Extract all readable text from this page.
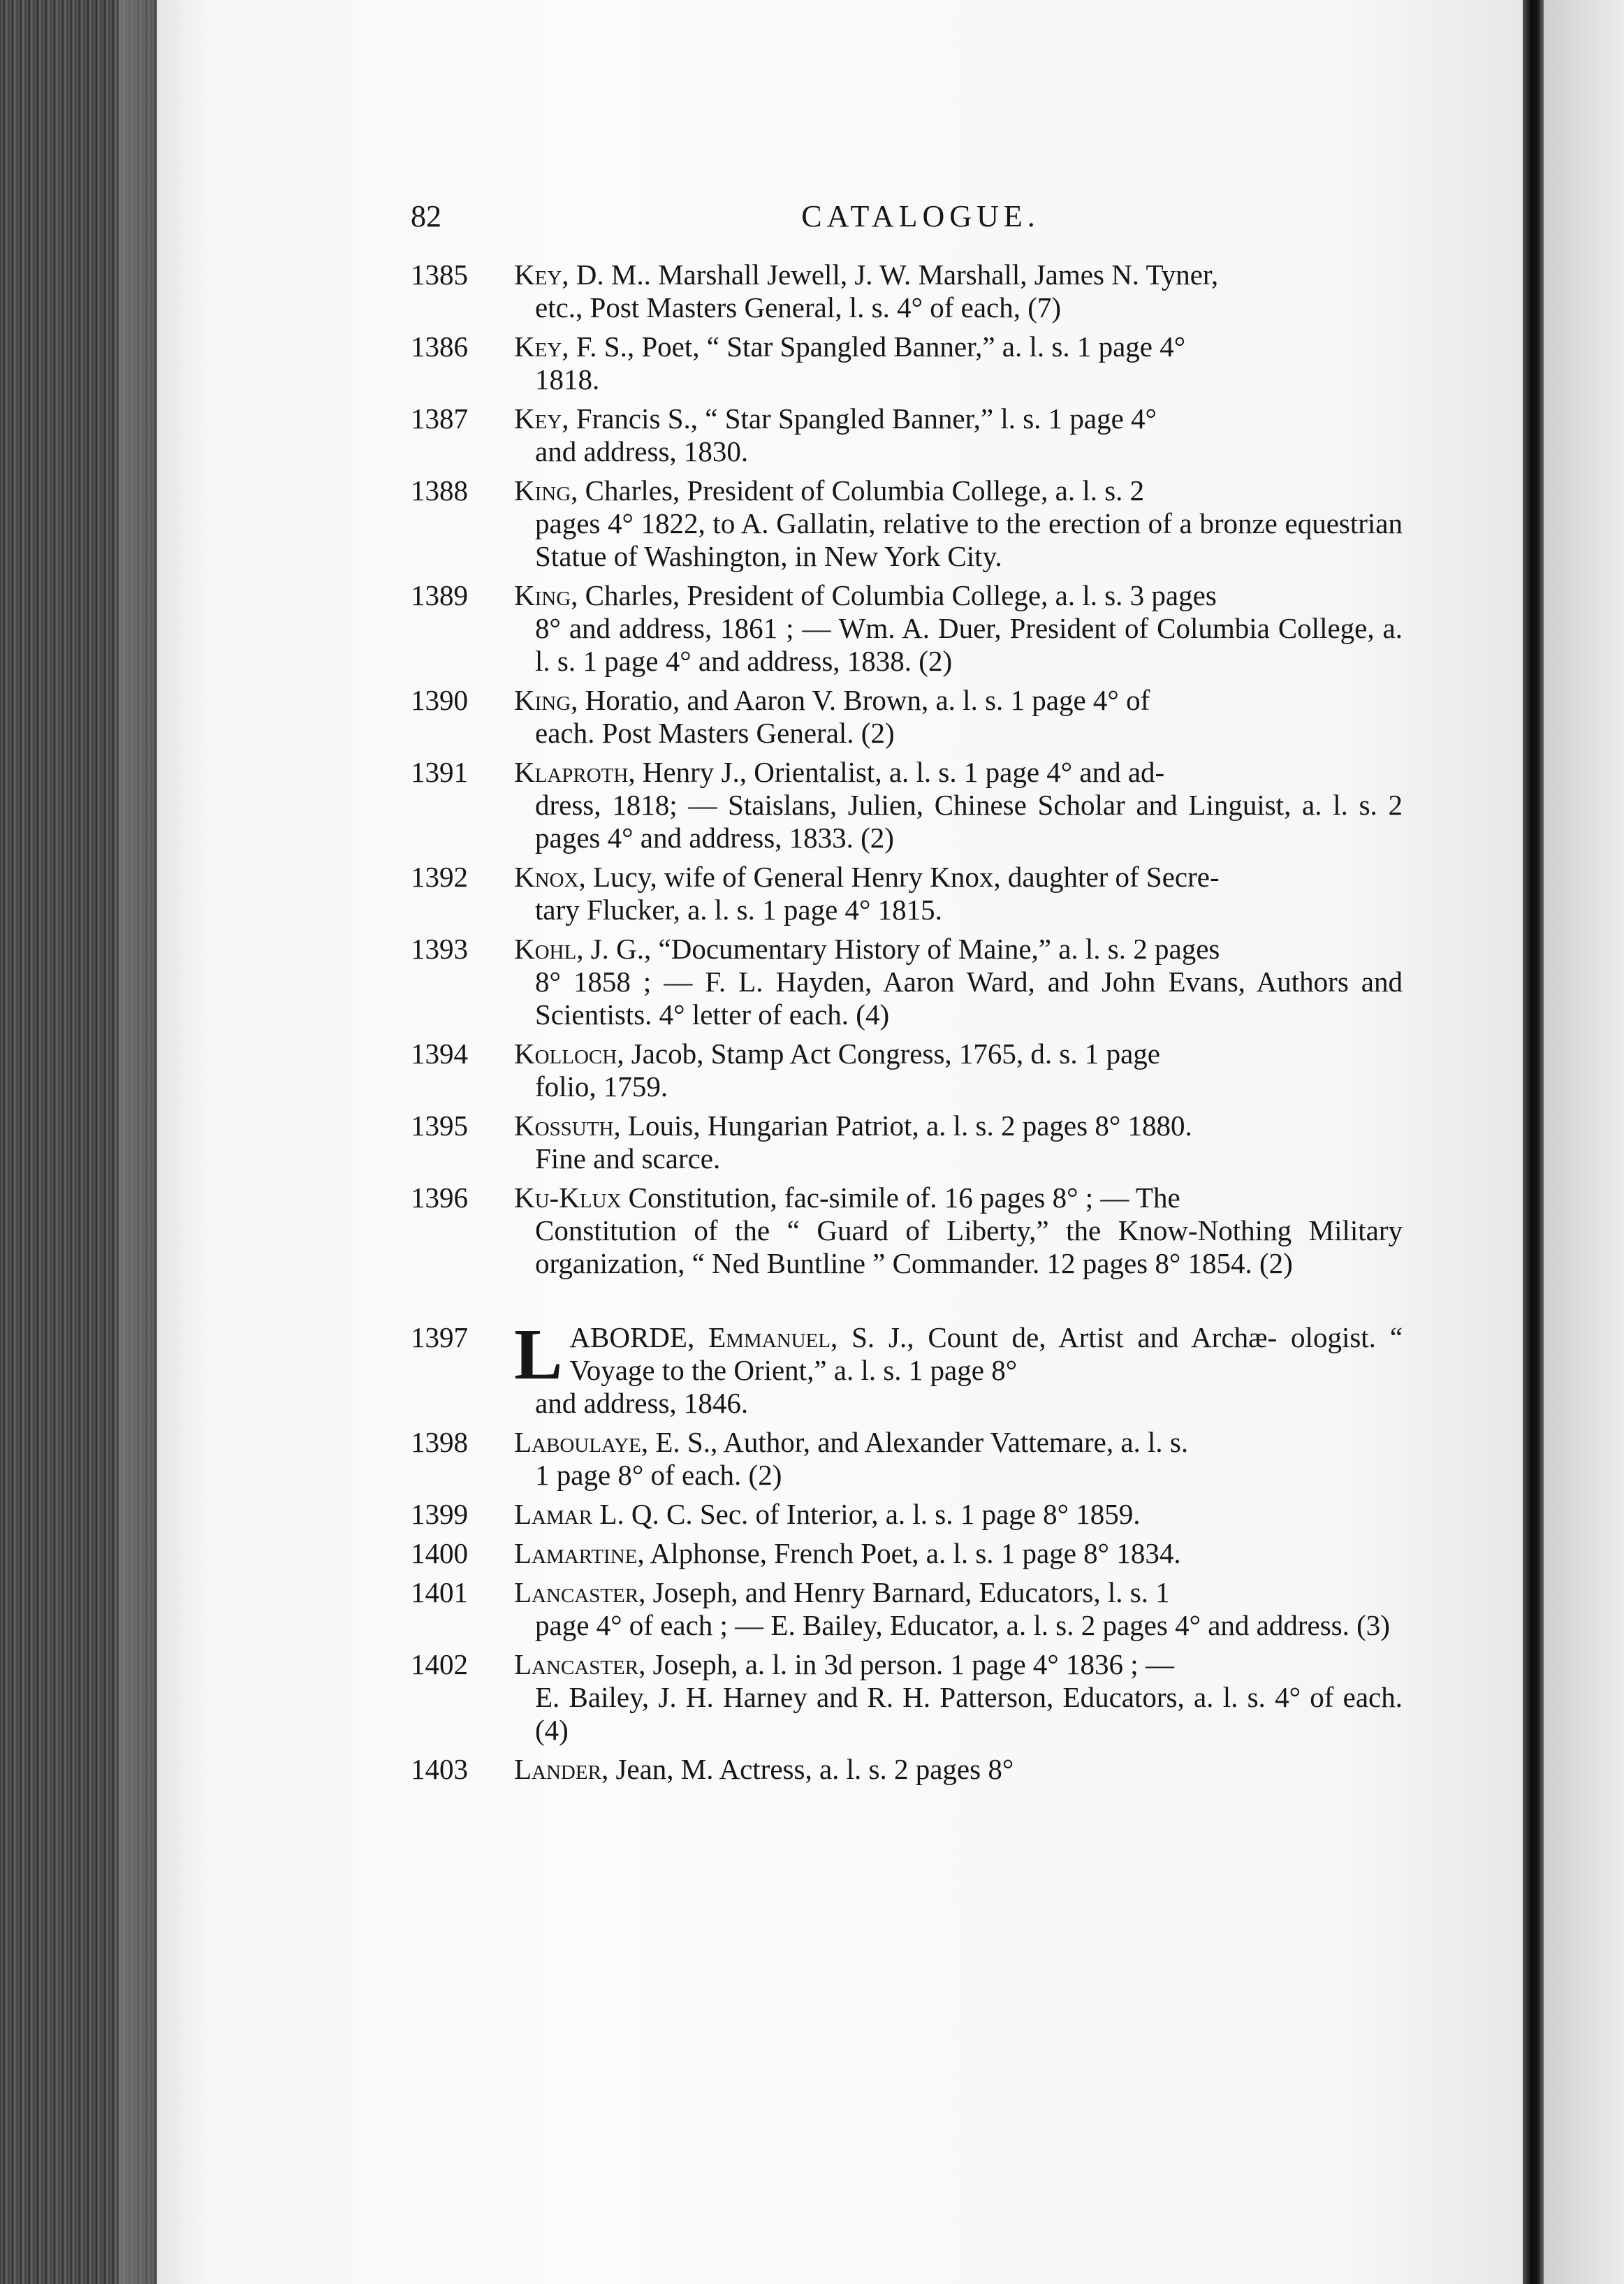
82	CATALOGUE.
1385 Key, D. M.. Marshall Jewell, J. W. Marshall, James N. Tyner,
etc., Post Masters General, l. s. 4° of each, (7)
1386 Key, F. S., Poet, “ Star Spangled Banner,” a. l. s. 1 page 4°
1818.
1387 Key, Francis S., “ Star Spangled Banner,” l. s. 1 page 4°
and address, 1830.
1388 King, Charles, President of Columbia College, a. l. s. 2
pages 4° 1822, to A. Gallatin, relative to the erection of a bronze equestrian Statue of Washington, in New York City.
1389 King, Charles, President of Columbia College, a. l. s. 3 pages
8° and address, 1861 ; — Wm. A. Duer, President of Columbia College, a. l. s. 1 page 4° and address, 1838. (2)
1390 King, Horatio, and Aaron V. Brown, a. l. s. 1 page 4° of
each. Post Masters General. (2)
1391 Klaproth, Henry J., Orientalist, a. l. s. 1 page 4° and ad-
dress, 1818; — Staislans, Julien, Chinese Scholar and Linguist, a. l. s. 2 pages 4° and address, 1833. (2)
1392 Knox, Lucy, wife of General Henry Knox, daughter of Secre-
tary Flucker, a. l. s. 1 page 4° 1815.
1393 Kohl, J. G., “Documentary History of Maine,” a. l. s. 2 pages
8° 1858 ; — F. L. Hayden, Aaron Ward, and John Evans, Authors and Scientists. 4° letter of each. (4)
1394 Kolloch, Jacob, Stamp Act Congress, 1765, d. s. 1 page
folio, 1759.
1395 Kossuth, Louis, Hungarian Patriot, a. l. s. 2 pages 8° 1880.
Fine and scarce.
1396 Ku-Klux Constitution, fac-simile of. 16 pages 8° ; — The
Constitution of the “ Guard of Liberty,” the Know-Nothing Military organization, “ Ned Buntline ” Commander. 12 pages 8° 1854. (2)
1397 L ABORDE, Emmanuel, S. J., Count de, Artist and Archæ- ologist. “ Voyage to the Orient,” a. l. s. 1 page 8°
and address, 1846.
1398 Laboulaye, E. S., Author, and Alexander Vattemare, a. l. s.
1 page 8° of each. (2)
1399 Lamar L. Q. C. Sec. of Interior, a. l. s. 1 page 8° 1859.
1400 Lamartine, Alphonse, French Poet, a. l. s. 1 page 8° 1834.
1401 Lancaster, Joseph, and Henry Barnard, Educators, l. s. 1
page 4° of each ; — E. Bailey, Educator, a. l. s. 2 pages 4° and address. (3)
1402 Lancaster, Joseph, a. l. in 3d person. 1 page 4° 1836 ; —
E. Bailey, J. H. Harney and R. H. Patterson, Educators, a. l. s. 4° of each. (4)
1403 Lander, Jean, M. Actress, a. l. s. 2 pages 8°
